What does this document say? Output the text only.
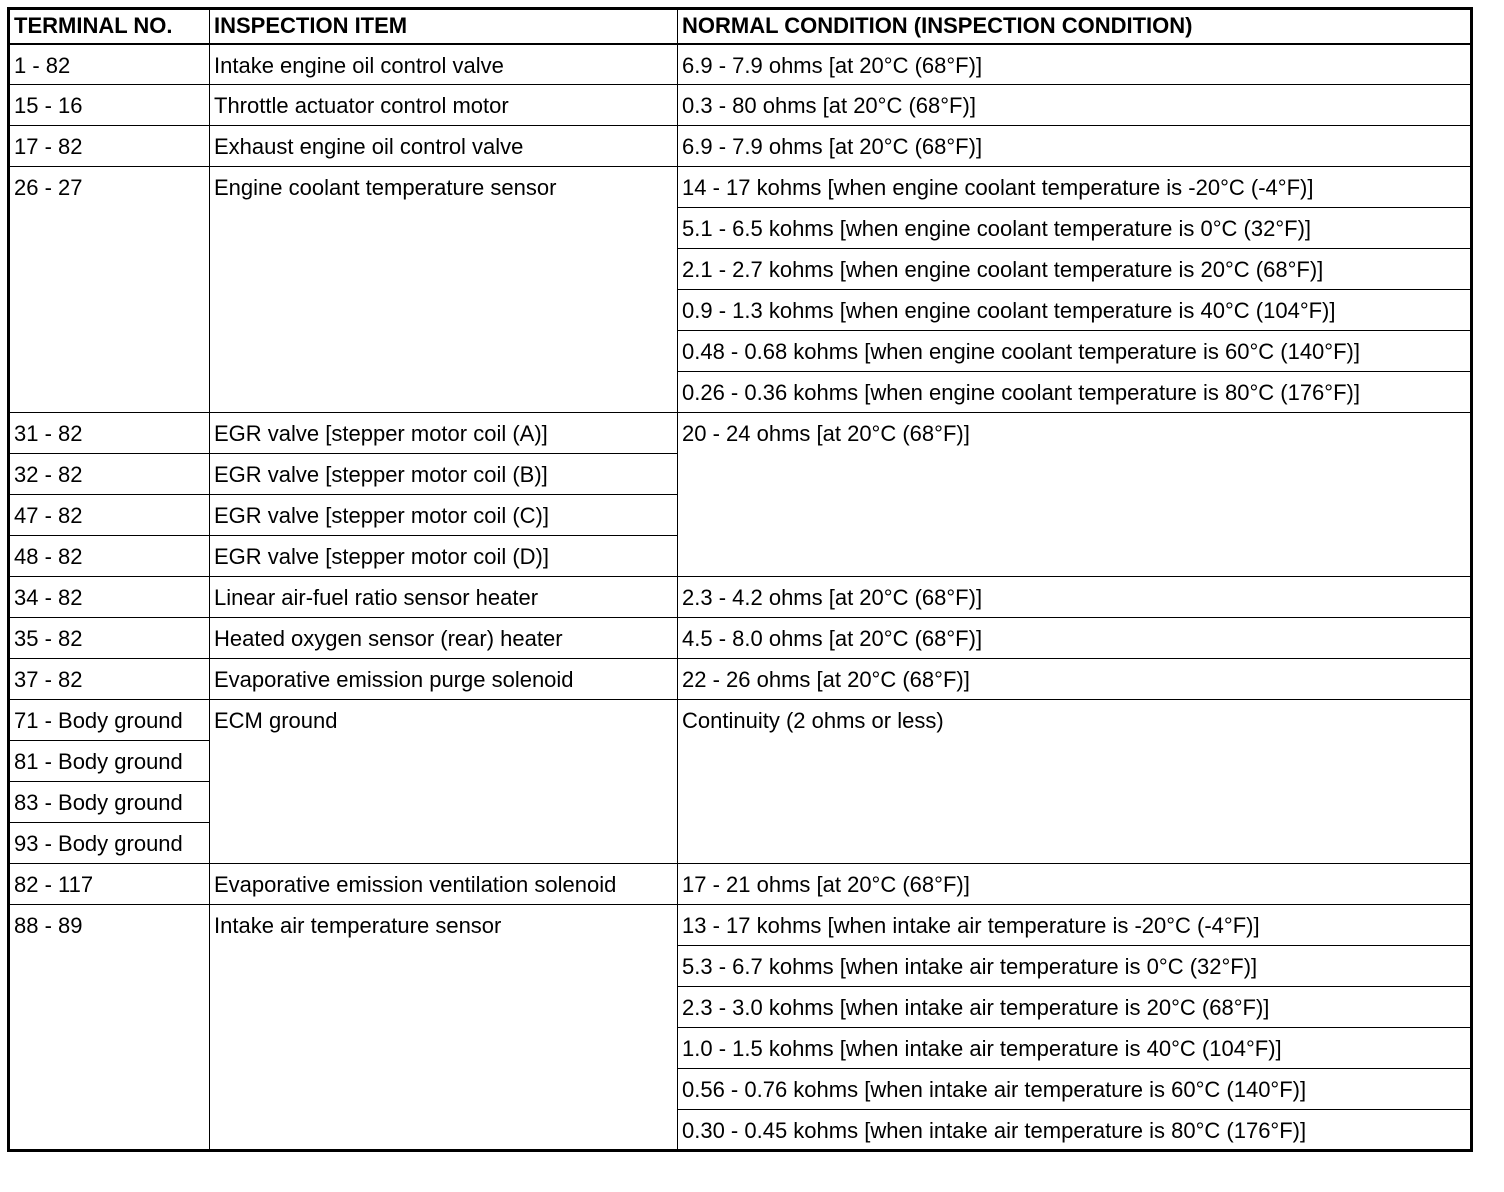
TERMINAL NO.	INSPECTION ITEM	NORMAL CONDITION (INSPECTION CONDITION)
1 - 82	Intake engine oil control valve	6.9 - 7.9 ohms [at 20°C (68°F)]
15 - 16	Throttle actuator control motor	0.3 - 80 ohms [at 20°C (68°F)]
17 - 82	Exhaust engine oil control valve	6.9 - 7.9 ohms [at 20°C (68°F)]
26 - 27	Engine coolant temperature sensor	14 - 17 kohms [when engine coolant temperature is -20°C (-4°F)]
		5.1 - 6.5 kohms [when engine coolant temperature is 0°C (32°F)]
		2.1 - 2.7 kohms [when engine coolant temperature is 20°C (68°F)]
		0.9 - 1.3 kohms [when engine coolant temperature is 40°C (104°F)]
		0.48 - 0.68 kohms [when engine coolant temperature is 60°C (140°F)]
		0.26 - 0.36 kohms [when engine coolant temperature is 80°C (176°F)]
31 - 82	EGR valve [stepper motor coil (A)]	20 - 24 ohms [at 20°C (68°F)]
32 - 82	EGR valve [stepper motor coil (B)]	
47 - 82	EGR valve [stepper motor coil (C)]	
48 - 82	EGR valve [stepper motor coil (D)]	
34 - 82	Linear air-fuel ratio sensor heater	2.3 - 4.2 ohms [at 20°C (68°F)]
35 - 82	Heated oxygen sensor (rear) heater	4.5 - 8.0 ohms [at 20°C (68°F)]
37 - 82	Evaporative emission purge solenoid	22 - 26 ohms [at 20°C (68°F)]
71 - Body ground	ECM ground	Continuity (2 ohms or less)
81 - Body ground		
83 - Body ground		
93 - Body ground		
82 - 117	Evaporative emission ventilation solenoid	17 - 21 ohms [at 20°C (68°F)]
88 - 89	Intake air temperature sensor	13 - 17 kohms [when intake air temperature is -20°C (-4°F)]
		5.3 - 6.7 kohms [when intake air temperature is 0°C (32°F)]
		2.3 - 3.0 kohms [when intake air temperature is 20°C (68°F)]
		1.0 - 1.5 kohms [when intake air temperature is 40°C (104°F)]
		0.56 - 0.76 kohms [when intake air temperature is 60°C (140°F)]
		0.30 - 0.45 kohms [when intake air temperature is 80°C (176°F)]
